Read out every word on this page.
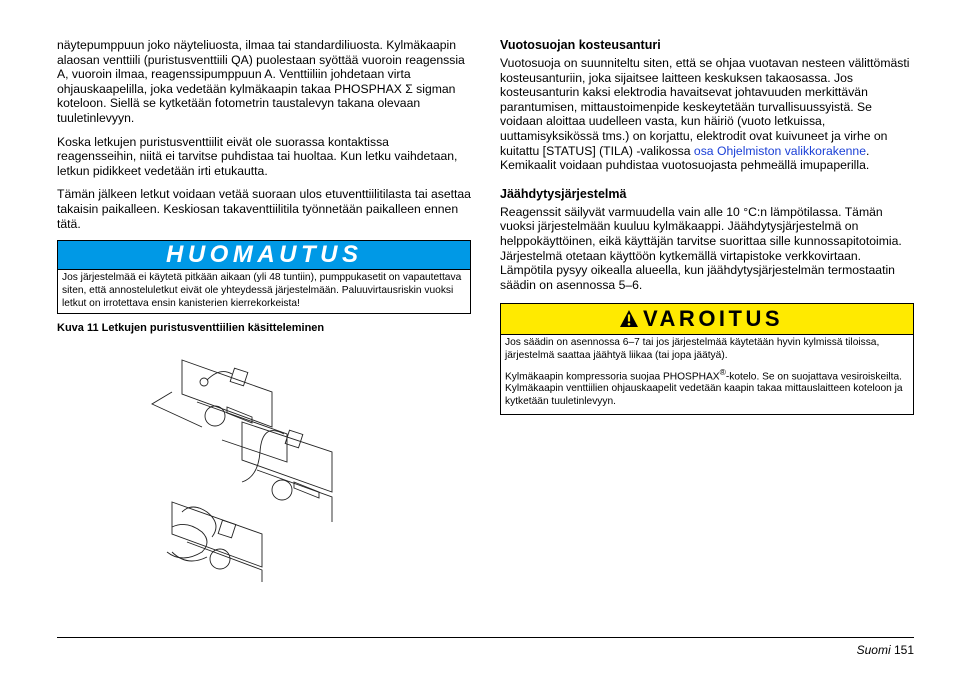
näytepumppuun joko näyteliuosta, ilmaa tai standardiliuosta. Kylmäkaapin alaosan venttiili (puristusventtiili QA) puolestaan syöttää vuoroin reagenssia A, vuoroin ilmaa, reagenssipumppuun A. Venttiiliin johdetaan virta ohjauskaapelilla, joka vedetään kylmäkaapin takaa PHOSPHAX Σ sigman koteloon. Siellä se kytketään fotometrin taustalevyn takana olevaan tuuletinlevyyn.

Koska letkujen puristusventtiilit eivät ole suorassa kontaktissa reagensseihin, niitä ei tarvitse puhdistaa tai huoltaa. Kun letku vaihdetaan, letkun pidikkeet vedetään irti etukautta.

Tämän jälkeen letkut voidaan vetää suoraan ulos etuventtiilitilasta tai asettaa takaisin paikalleen. Keskiosan takaventtiilitila työnnetään paikalleen ennen tätä.

HUOMAUTUS
Jos järjestelmää ei käytetä pitkään aikaan (yli 48 tuntiin), pumppukasetit on vapautettava siten, että annosteluletkut eivät ole yhteydessä järjestelmään. Paluuvirtausriskin vuoksi letkut on irrotettava ensin kanisterien kierrekorkeista!
Kuva 11 Letkujen puristusventtiilien käsitteleminen
Vuotosuojan kosteusanturi

Vuotosuoja on suunniteltu siten, että se ohjaa vuotavan nesteen välittömästi kosteusanturiin, joka sijaitsee laitteen keskuksen takaosassa. Jos kosteusanturin kaksi elektrodia havaitsevat johtavuuden merkittävän parantumisen, mittaustoimenpide keskeytetään turvallisuussyistä. Se voidaan aloittaa uudelleen vasta, kun häiriö (vuoto letkuissa, uuttamisyksikössä tms.) on korjattu, elektrodit ovat kuivuneet ja virhe on kuitattu [STATUS] (TILA) -valikossa osa Ohjelmiston valikkorakenne. Kemikaalit voidaan puhdistaa vuotosuojasta pehmeällä imupaperilla.

Jäähdytysjärjestelmä

Reagenssit säilyvät varmuudella vain alle 10 °C:n lämpötilassa. Tämän vuoksi järjestelmään kuuluu kylmäkaappi. Jäähdytysjärjestelmä on helppokäyttöinen, eikä käyttäjän tarvitse suorittaa sille kunnossapitotoimia. Järjestelmä otetaan käyttöön kytkemällä virtapistoke verkkovirtaan. Lämpötila pysyy oikealla alueella, kun jäähdytysjärjestelmän termostaatin säädin on asennossa 5–6.

VAROITUS

Jos säädin on asennossa 6–7 tai jos järjestelmää käytetään hyvin kylmissä tiloissa, järjestelmä saattaa jäähtyä liikaa (tai jopa jäätyä).

Kylmäkaapin kompressoria suojaa PHOSPHAX®-kotelo. Se on suojattava vesiroiskeilta. Kylmäkaapin venttiilien ohjauskaapelit vedetään kaapin takaa mittauslaitteen koteloon ja kytketään tuuletinlevyyn.

Suomi 151
